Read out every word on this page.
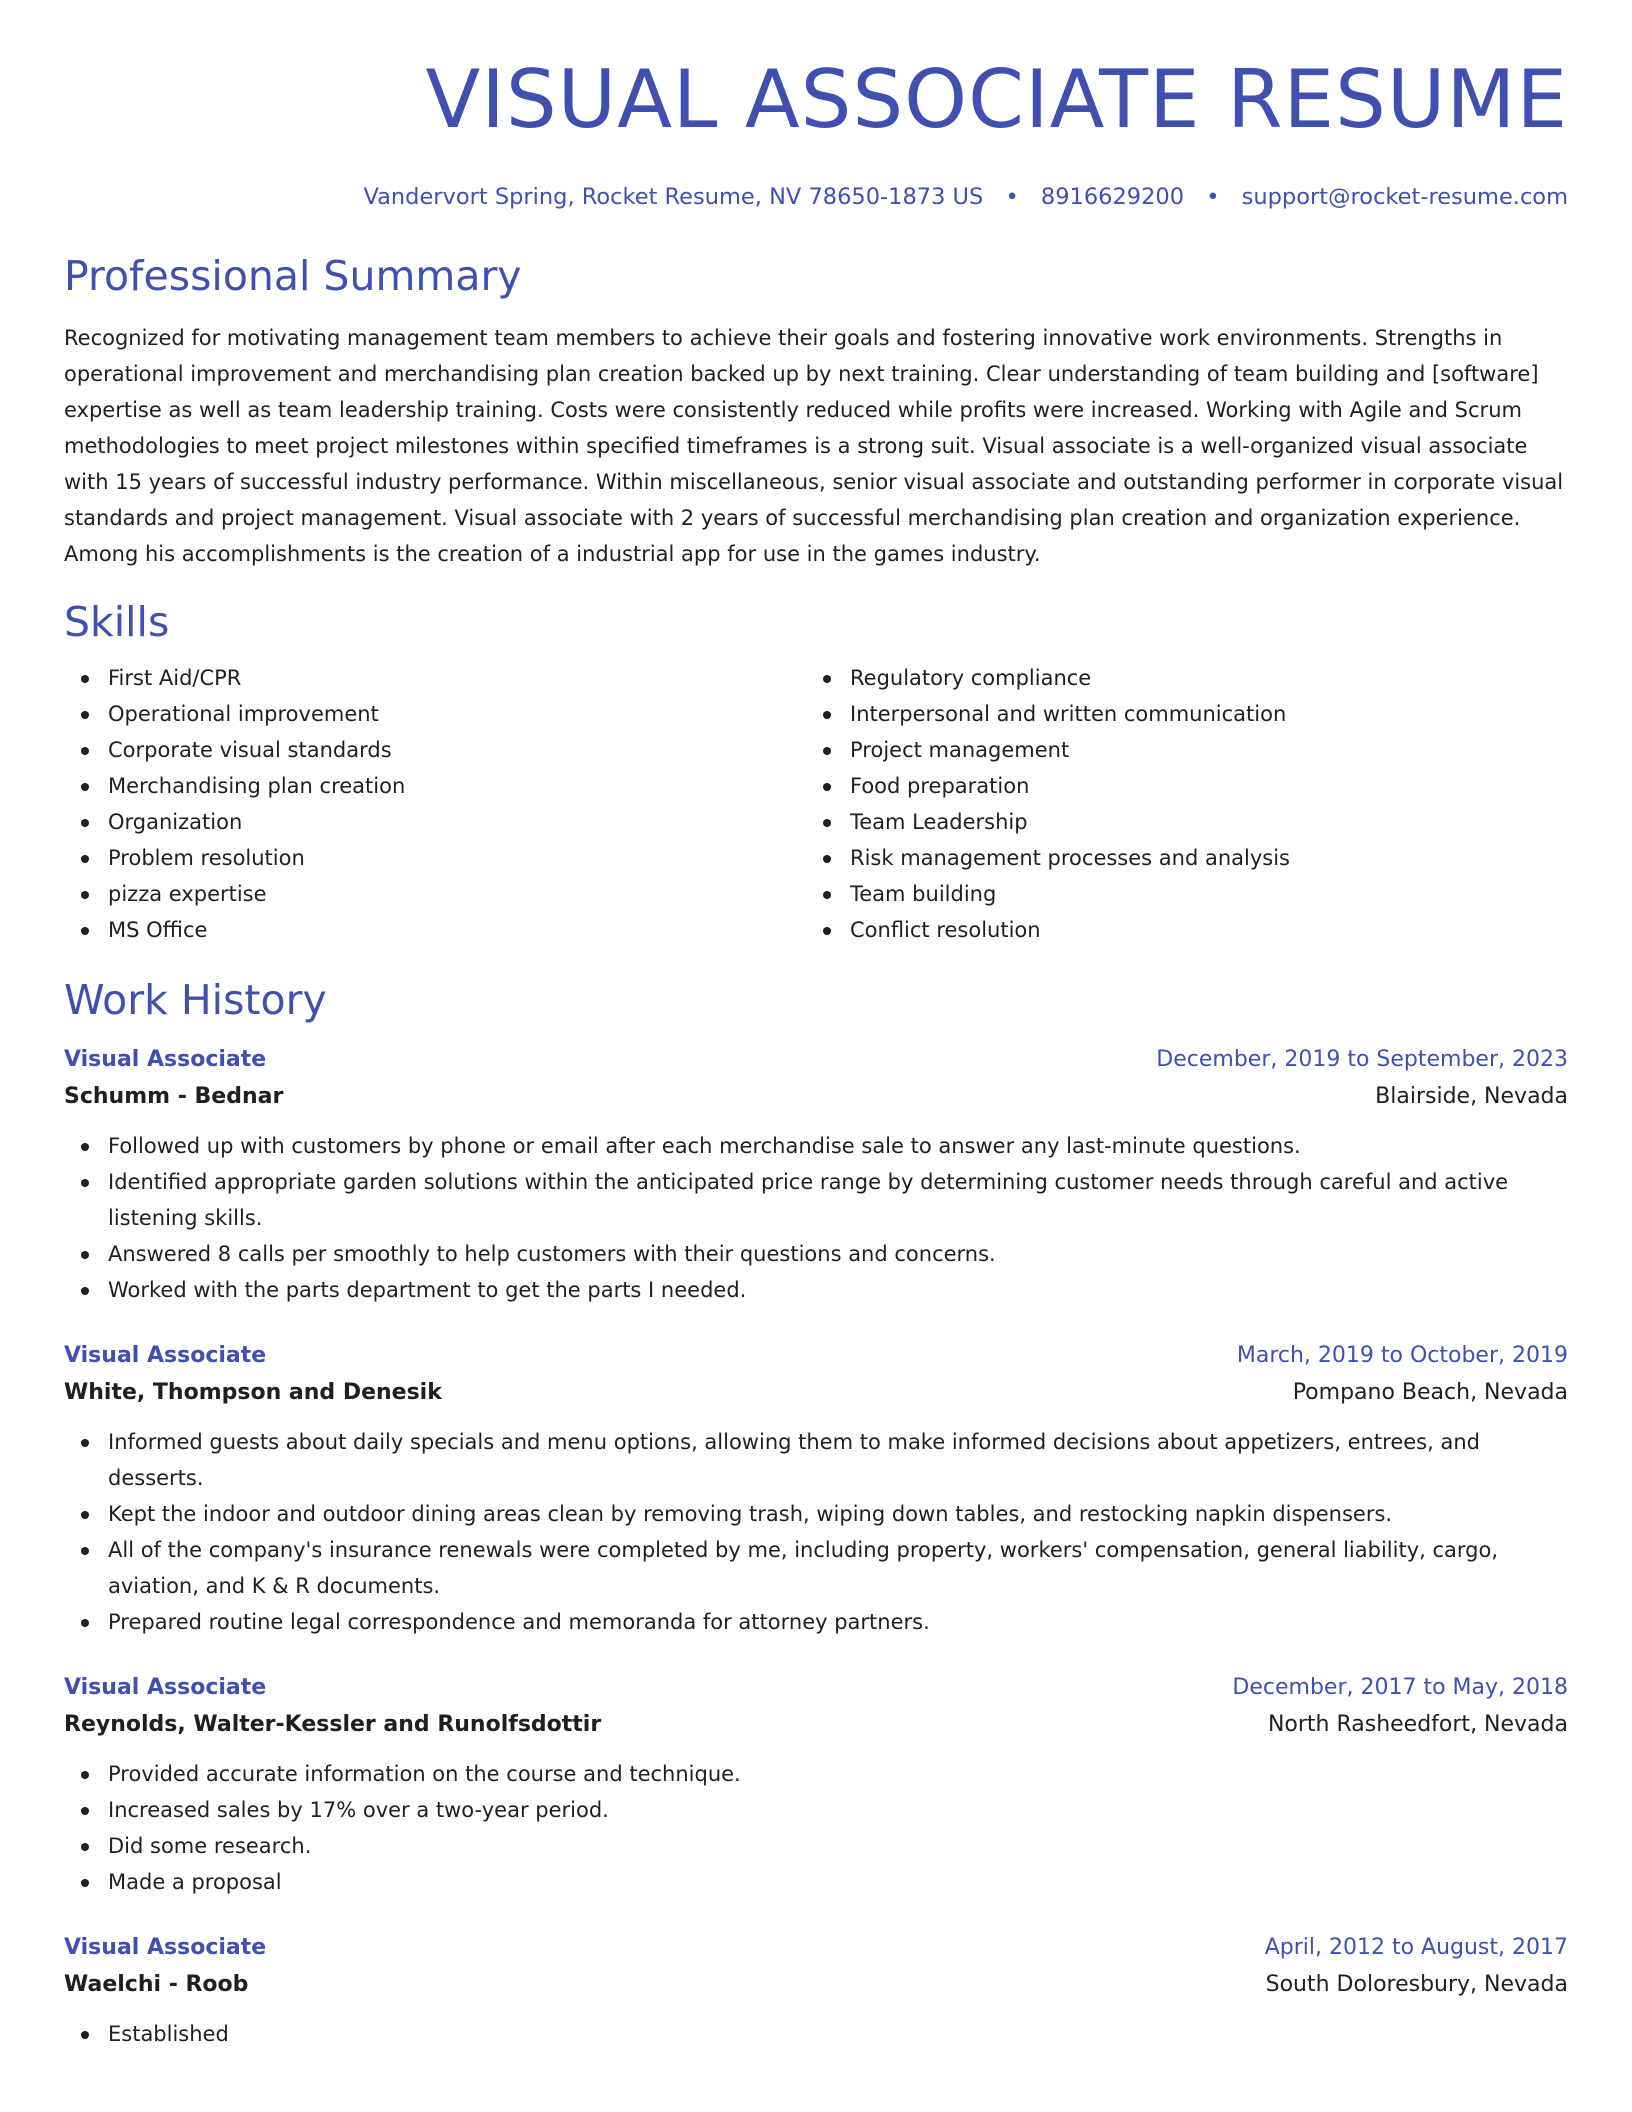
VISUAL ASSOCIATE RESUME
Vandervort Spring, Rocket Resume, NV 78650-1873 US • 8916629200 • support@rocket-resume.com
Professional Summary

Recognized for motivating management team members to achieve their goals and fostering innovative work environments. Strengths in operational improvement and merchandising plan creation backed up by next training. Clear understanding of team building and [software] expertise as well as team leadership training. Costs were consistently reduced while profits were increased. Working with Agile and Scrum methodologies to meet project milestones within specified timeframes is a strong suit. Visual associate is a well-organized visual associate with 15 years of successful industry performance. Within miscellaneous, senior visual associate and outstanding performer in corporate visual standards and project management. Visual associate with 2 years of successful merchandising plan creation and organization experience. Among his accomplishments is the creation of a industrial app for use in the games industry.

Skills
First Aid/CPR
Operational improvement
Corporate visual standards
Merchandising plan creation
Organization
Problem resolution
pizza expertise
MS Office
Regulatory compliance
Interpersonal and written communication
Project management
Food preparation
Team Leadership
Risk management processes and analysis
Team building
Conflict resolution
Work History
Visual Associate	December, 2019 to September, 2023
Schumm - Bednar	Blairside, Nevada
Followed up with customers by phone or email after each merchandise sale to answer any last-minute questions.
Identified appropriate garden solutions within the anticipated price range by determining customer needs through careful and active listening skills.
Answered 8 calls per smoothly to help customers with their questions and concerns.
Worked with the parts department to get the parts I needed.
Visual Associate	March, 2019 to October, 2019
White, Thompson and Denesik	Pompano Beach, Nevada
Informed guests about daily specials and menu options, allowing them to make informed decisions about appetizers, entrees, and desserts.
Kept the indoor and outdoor dining areas clean by removing trash, wiping down tables, and restocking napkin dispensers.
All of the company's insurance renewals were completed by me, including property, workers' compensation, general liability, cargo, aviation, and K & R documents.
Prepared routine legal correspondence and memoranda for attorney partners.
Visual Associate	December, 2017 to May, 2018
Reynolds, Walter-Kessler and Runolfsdottir	North Rasheedfort, Nevada
Provided accurate information on the course and technique.
Increased sales by 17% over a two-year period.
Did some research.
Made a proposal
Visual Associate	April, 2012 to August, 2017
Waelchi - Roob	South Doloresbury, Nevada
Established
